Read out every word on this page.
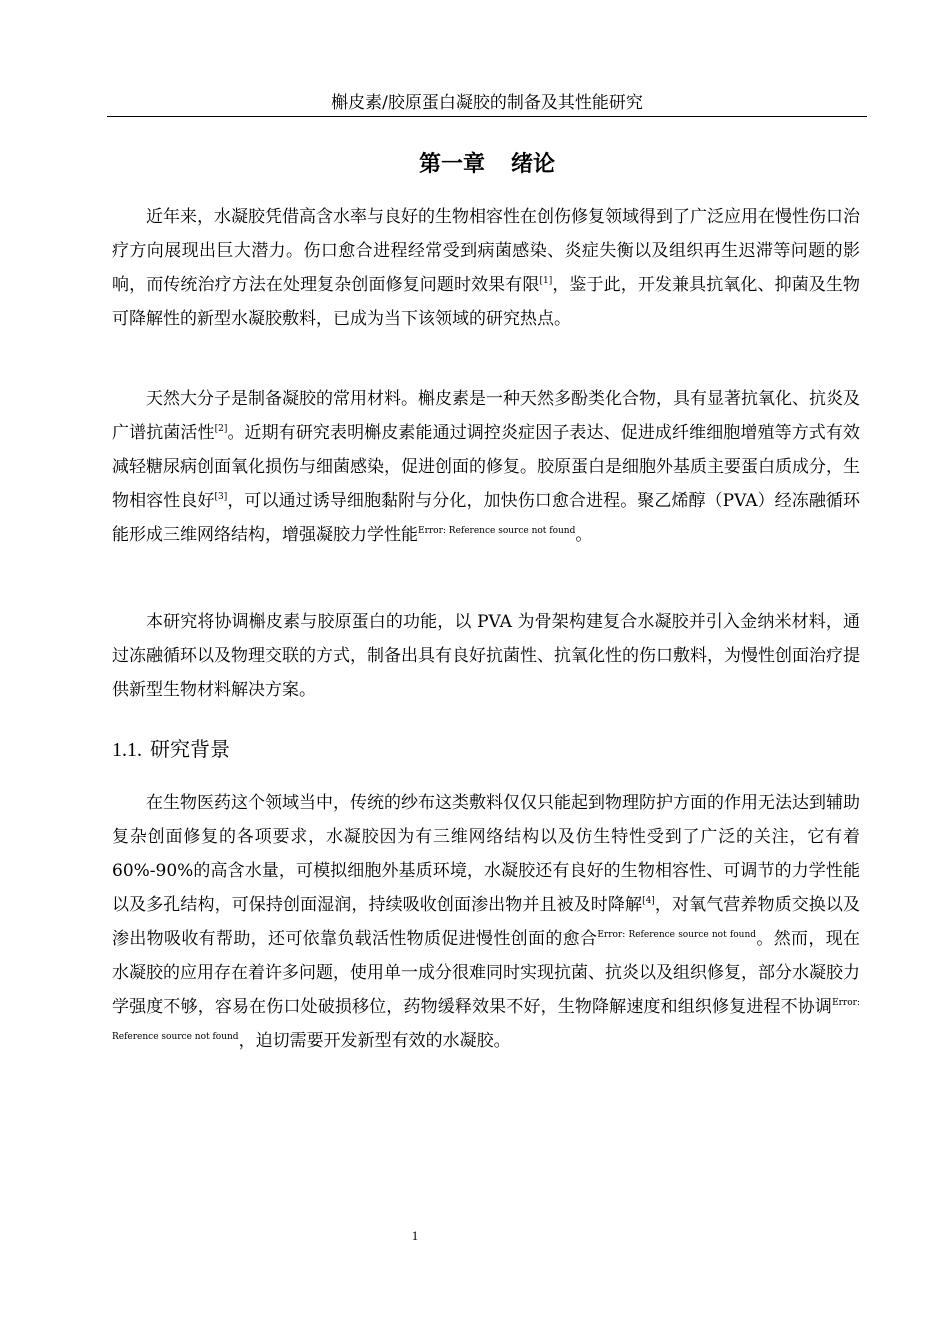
槲皮素/胶原蛋白凝胶的制备及其性能研究
第一章 绪论

近年来，水凝胶凭借高含水率与良好的生物相容性在创伤修复领域得到了广泛应用在慢性伤口治疗方向展现出巨大潜力。伤口愈合进程经常受到病菌感染、炎症失衡以及组织再生迟滞等问题的影响，而传统治疗方法在处理复杂创面修复问题时效果有限[1]，鉴于此，开发兼具抗氧化、抑菌及生物可降解性的新型水凝胶敷料，已成为当下该领域的研究热点。

天然大分子是制备凝胶的常用材料。槲皮素是一种天然多酚类化合物，具有显著抗氧化、抗炎及广谱抗菌活性[2]。近期有研究表明槲皮素能通过调控炎症因子表达、促进成纤维细胞增殖等方式有效减轻糖尿病创面氧化损伤与细菌感染，促进创面的修复。胶原蛋白是细胞外基质主要蛋白质成分，生物相容性良好[3]，可以通过诱导细胞黏附与分化，加快伤口愈合进程。聚乙烯醇（PVA）经冻融循环能形成三维网络结构，增强凝胶力学性能$^{Error: Reference source not found}$。

本研究将协调槲皮素与胶原蛋白的功能，以 PVA 为骨架构建复合水凝胶并引入金纳米材料，通过冻融循环以及物理交联的方式，制备出具有良好抗菌性、抗氧化性的伤口敷料，为慢性创面治疗提供新型生物材料解决方案。

1.1. 研究背景

在生物医药这个领域当中，传统的纱布这类敷料仅仅只能起到物理防护方面的作用无法达到辅助复杂创面修复的各项要求，水凝胶因为有三维网络结构以及仿生特性受到了广泛的关注，它有着 60%-90%的高含水量，可模拟细胞外基质环境，水凝胶还有良好的生物相容性、可调节的力学性能以及多孔结构，可保持创面湿润，持续吸收创面渗出物并且被及时降解[4]，对氧气营养物质交换以及渗出物吸收有帮助，还可依靠负载活性物质促进慢性创面的愈合$^{Error: Reference source not found}$。然而，现在水凝胶的应用存在着许多问题，使用单一成分很难同时实现抗菌、抗炎以及组织修复，部分水凝胶力学强度不够，容易在伤口处破损移位，药物缓释效果不好，生物降解速度和组织修复进程不协调$^{Error: Reference source not found}$，迫切需要开发新型有效的水凝胶。

1
